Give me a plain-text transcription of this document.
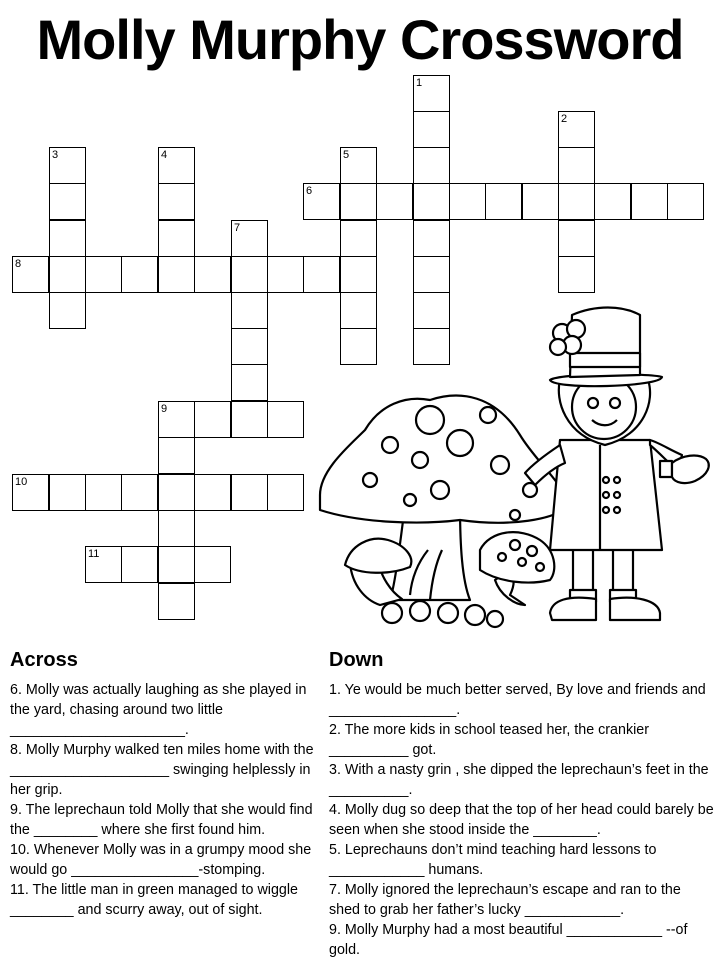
Molly Murphy Crossword
1
2
3	4	5
6
7
8
9
10
11
Across

6. Molly was actually laughing as she played in the yard, chasing around two little ______________________.

8. Molly Murphy walked ten miles home with the ____________________ swinging helplessly in her grip.

9. The leprechaun told Molly that she would find the ________ where she first found him.

10. Whenever Molly was in a grumpy mood she would go ________________-stomping.

11. The little man in green managed to wiggle ________ and scurry away, out of sight.

Down

1. Ye would be much better served, By love and friends and ________________.

2. The more kids in school teased her, the crankier __________ got.

3. With a nasty grin , she dipped the leprechaun’s feet in the __________.

4. Molly dug so deep that the top of her head could barely be seen when she stood inside the ________.

5. Leprechauns don’t mind teaching hard lessons to ____________ humans.

7. Molly ignored the leprechaun’s escape and ran to the shed to grab her father’s lucky ____________.

9. Molly Murphy had a most beautiful ____________ --of gold.
